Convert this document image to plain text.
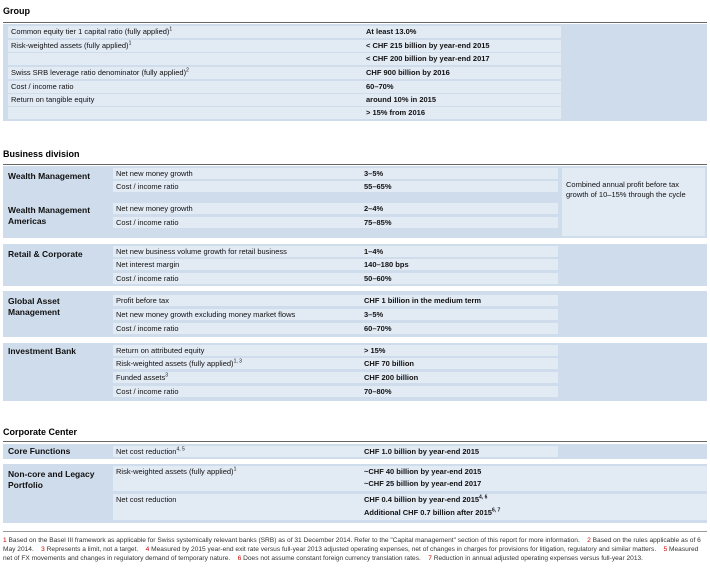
Group
Common equity tier 1 capital ratio (fully applied)$^1$	At least 13.0%
Risk-weighted assets (fully applied)$^1$	< CHF 215 billion by year-end 2015
< CHF 200 billion by year-end 2017
Swiss SRB leverage ratio denominator (fully applied)$^2$	CHF 900 billion by 2016
Cost / income ratio	60–70%
Return on tangible equity	around 10% in 2015
> 15% from 2016
Business division
Wealth Management	Net new money growth	3–5%
Cost / income ratio	55–65%
Wealth Management Americas
Net new money growth	2–4%
Cost / income ratio	75–85%
Combined annual profit before tax growth of 10–15% through the cycle
Retail & Corporate	Net new business volume growth for retail business	1–4%
Net interest margin	140–180 bps
Cost / income ratio	50–60%
Global Asset Management
Profit before tax	CHF 1 billion in the medium term
Net new money growth excluding money market flows	3–5%
Cost / income ratio	60–70%
Investment Bank	Return on attributed equity	> 15%
Risk-weighted assets (fully applied)$^{1, 3}$	CHF 70 billion
Funded assets$^3$	CHF 200 billion
Cost / income ratio	70–80%
Corporate Center
Core Functions	Net cost reduction$^{4, 5}$	CHF 1.0 billion by year-end 2015
Non-core and Legacy Portfolio
Risk-weighted assets (fully applied)$^1$	~CHF 40 billion by year-end 2015
~CHF 25 billion by year-end 2017
Net cost reduction	CHF 0.4 billion by year-end 2015$^{4, 6}$
Additional CHF 0.7 billion after 2015$^{6, 7}$
1 Based on the Basel III framework as applicable for Swiss systemically relevant banks (SRB) as of 31 December 2014. Refer to the "Capital management" section of this report for more information. 2 Based on the rules applicable as of 6 May 2014. 3 Represents a limit, not a target. 4 Measured by 2015 year-end exit rate versus full-year 2013 adjusted operating expenses, net of changes in charges for provisions for litigation, regulatory and similar matters. 5 Measured net of FX movements and changes in regulatory demand of temporary nature. 6 Does not assume constant foreign currency translation rates. 7 Reduction in annual adjusted operating expenses versus full-year 2013.
